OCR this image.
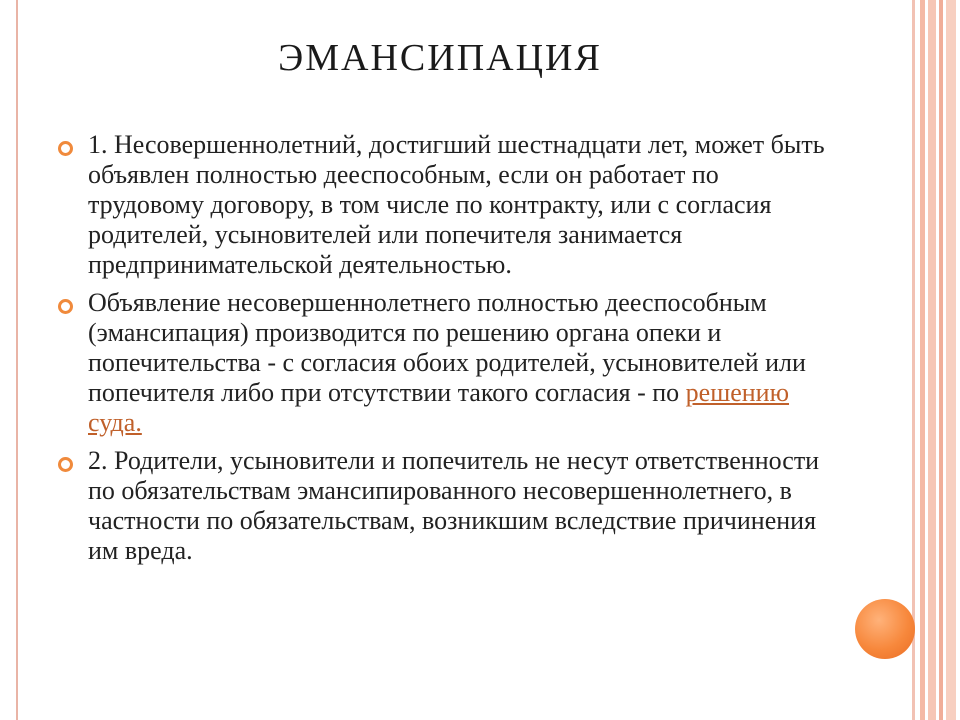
ЭМАНСИПАЦИЯ
1. Несовершеннолетний, достигший шестнадцати лет, может быть объявлен полностью дееспособным, если он работает по трудовому договору, в том числе по контракту, или с согласия родителей, усыновителей или попечителя занимается предпринимательской деятельностью.
Объявление несовершеннолетнего полностью дееспособным (эмансипация) производится по решению органа опеки и попечительства - с согласия обоих родителей, усыновителей или попечителя либо при отсутствии такого согласия - по решению суда.
2. Родители, усыновители и попечитель не несут ответственности по обязательствам эмансипированного несовершеннолетнего, в частности по обязательствам, возникшим вследствие причинения им вреда.
